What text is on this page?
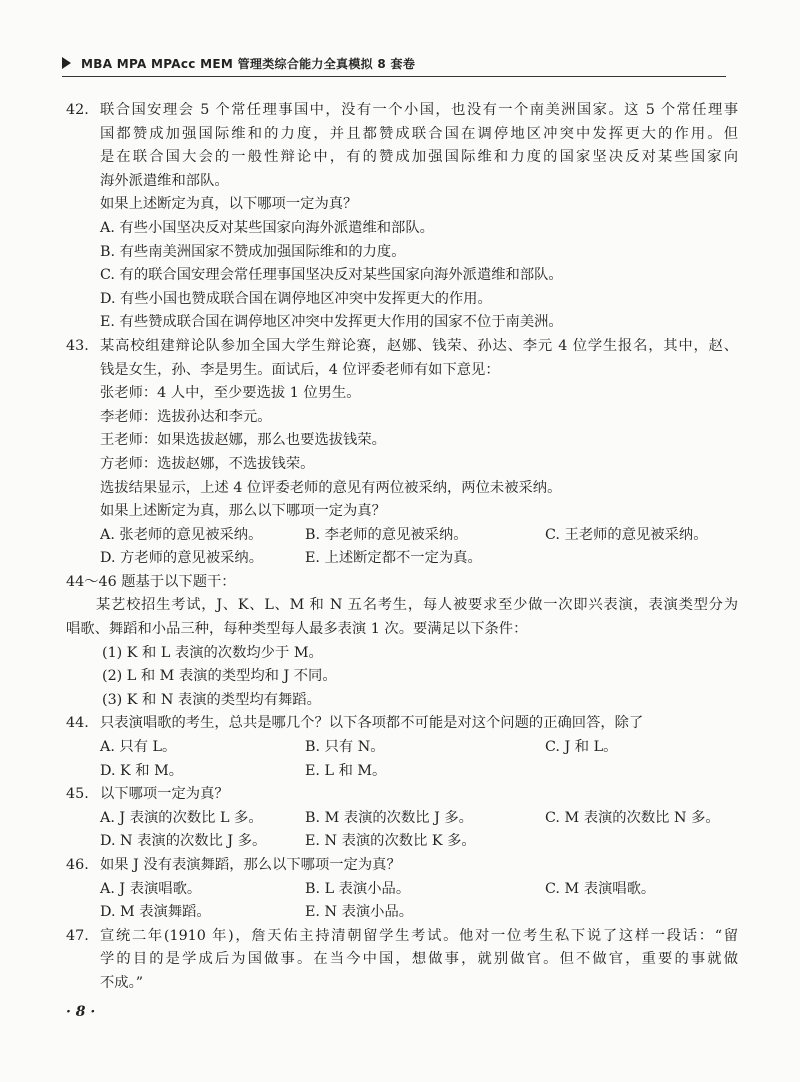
MBA MPA MPAcc MEM 管理类综合能力全真模拟 8 套卷
42. 联合国安理会 5 个常任理事国中，没有一个小国，也没有一个南美洲国家。这 5 个常任理事
国都赞成加强国际维和的力度，并且都赞成联合国在调停地区冲突中发挥更大的作用。但
是在联合国大会的一般性辩论中，有的赞成加强国际维和力度的国家坚决反对某些国家向
海外派遣维和部队。
如果上述断定为真，以下哪项一定为真？
A. 有些小国坚决反对某些国家向海外派遣维和部队。
B. 有些南美洲国家不赞成加强国际维和的力度。
C. 有的联合国安理会常任理事国坚决反对某些国家向海外派遣维和部队。
D. 有些小国也赞成联合国在调停地区冲突中发挥更大的作用。
E. 有些赞成联合国在调停地区冲突中发挥更大作用的国家不位于南美洲。
43. 某高校组建辩论队参加全国大学生辩论赛，赵娜、钱荣、孙达、李元 4 位学生报名，其中，赵、
钱是女生，孙、李是男生。面试后，4 位评委老师有如下意见：
张老师：4 人中，至少要选拔 1 位男生。
李老师：选拔孙达和李元。
王老师：如果选拔赵娜，那么也要选拔钱荣。
方老师：选拔赵娜，不选拔钱荣。
选拔结果显示，上述 4 位评委老师的意见有两位被采纳，两位未被采纳。
如果上述断定为真，那么以下哪项一定为真？
A. 张老师的意见被采纳。	B. 李老师的意见被采纳。	C. 王老师的意见被采纳。
D. 方老师的意见被采纳。	E. 上述断定都不一定为真。
44～46 题基于以下题干：
某艺校招生考试，J、K、L、M 和 N 五名考生，每人被要求至少做一次即兴表演，表演类型分为
唱歌、舞蹈和小品三种，每种类型每人最多表演 1 次。要满足以下条件：
(1) K 和 L 表演的次数均少于 M。
(2) L 和 M 表演的类型均和 J 不同。
(3) K 和 N 表演的类型均有舞蹈。
44. 只表演唱歌的考生，总共是哪几个？以下各项都不可能是对这个问题的正确回答，除了
A. 只有 L。	B. 只有 N。	C. J 和 L。
D. K 和 M。	E. L 和 M。
45. 以下哪项一定为真？
A. J 表演的次数比 L 多。	B. M 表演的次数比 J 多。	C. M 表演的次数比 N 多。
D. N 表演的次数比 J 多。	E. N 表演的次数比 K 多。
46. 如果 J 没有表演舞蹈，那么以下哪项一定为真？
A. J 表演唱歌。	B. L 表演小品。	C. M 表演唱歌。
D. M 表演舞蹈。	E. N 表演小品。
47. 宣统二年(1910 年)，詹天佑主持清朝留学生考试。他对一位考生私下说了这样一段话：“留
学的目的是学成后为国做事。在当今中国，想做事，就别做官。但不做官，重要的事就做
不成。”
· 8 ·
